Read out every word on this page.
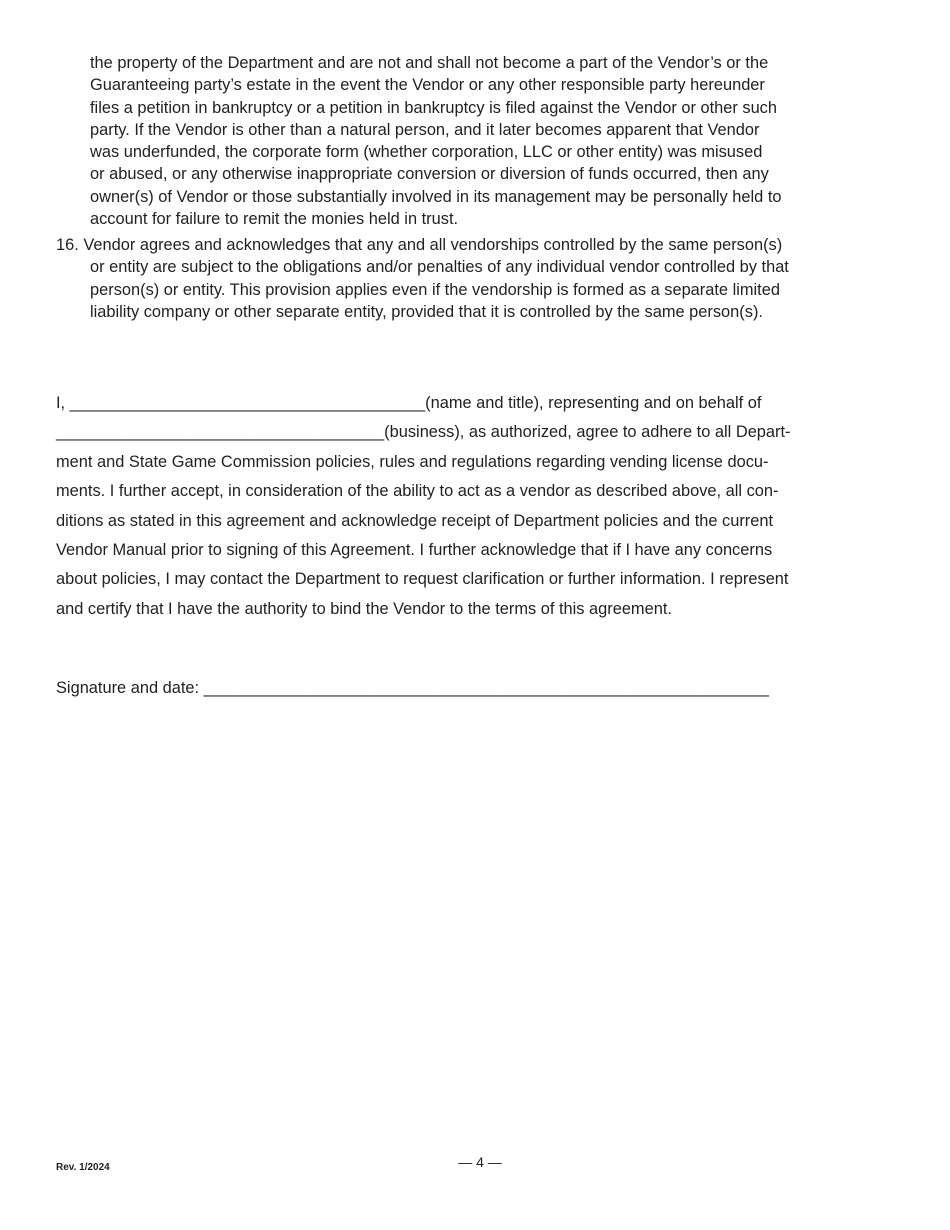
the property of the Department and are not and shall not become a part of the Vendor’s or the
Guaranteeing party’s estate in the event the Vendor or any other responsible party hereunder
files a petition in bankruptcy or a petition in bankruptcy is filed against the Vendor or other such
party. If the Vendor is other than a natural person, and it later becomes apparent that Vendor
was underfunded, the corporate form (whether corporation, LLC or other entity) was misused
or abused, or any otherwise inappropriate conversion or diversion of funds occurred, then any
owner(s) of Vendor or those substantially involved in its management may be personally held to
account for failure to remit the monies held in trust.
16. Vendor agrees and acknowledges that any and all vendorships controlled by the same person(s)
or entity are subject to the obligations and/or penalties of any individual vendor controlled by that
person(s) or entity. This provision applies even if the vendorship is formed as a separate limited
liability company or other separate entity, provided that it is controlled by the same person(s).
I, _______________________________________(name and title), representing and on behalf of
____________________________________(business), as authorized, agree to adhere to all Depart-
ment and State Game Commission policies, rules and regulations regarding vending license docu-
ments. I further accept, in consideration of the ability to act as a vendor as described above, all con-
ditions as stated in this agreement and acknowledge receipt of Department policies and the current
Vendor Manual prior to signing of this Agreement. I further acknowledge that if I have any concerns
about policies, I may contact the Department to request clarification or further information. I represent
and certify that I have the authority to bind the Vendor to the terms of this agreement.
Signature and date: ______________________________________________________________
Rev. 1/2024	— 4 —
